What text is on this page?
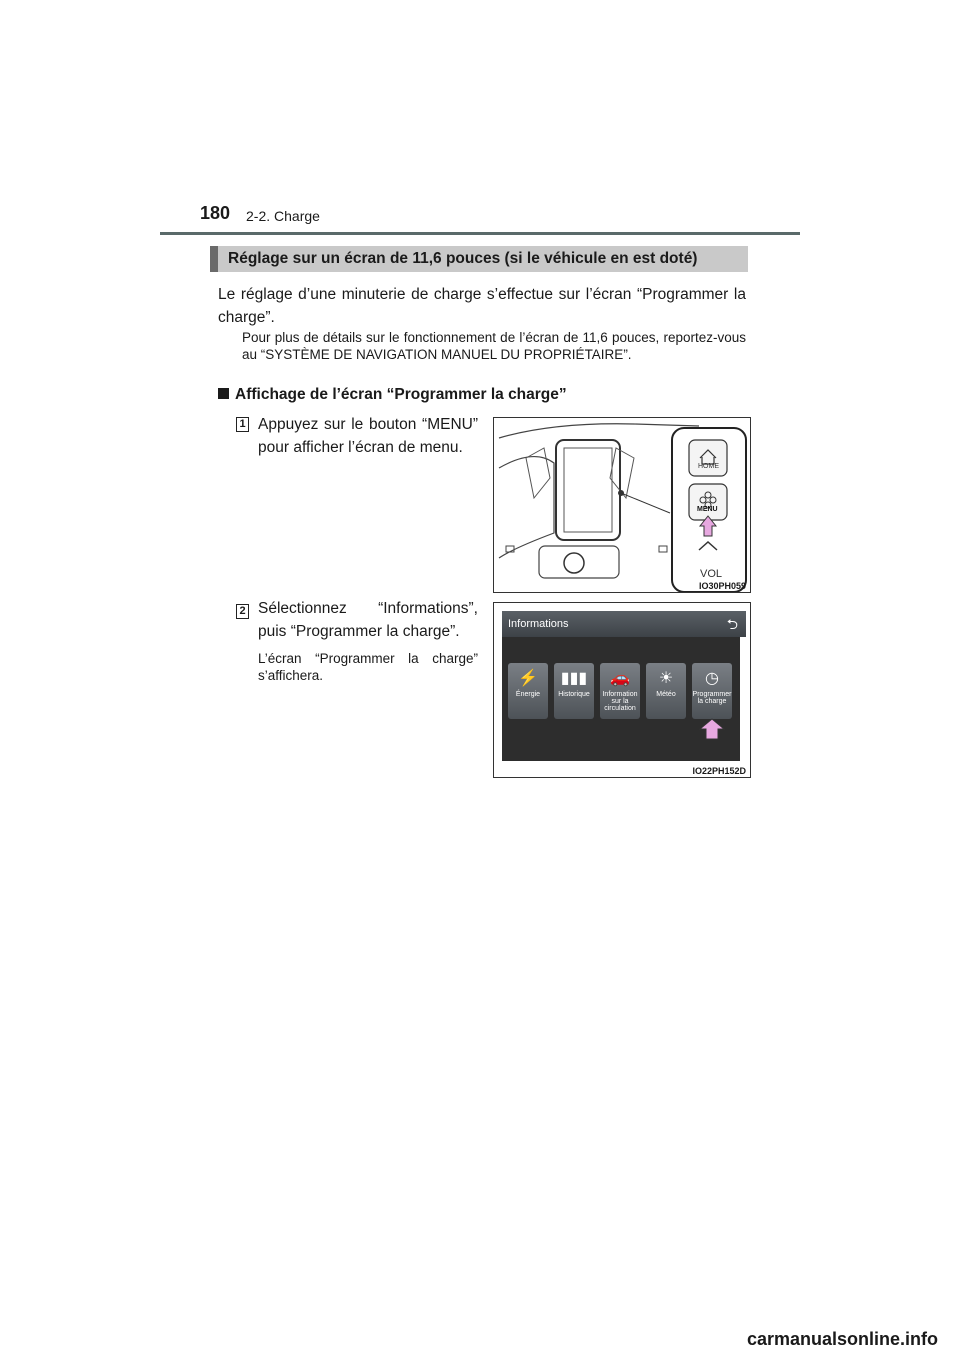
180 2-2. Charge
Réglage sur un écran de 11,6 pouces (si le véhicule en est doté)
Le réglage d’une minuterie de charge s’effectue sur l’écran “Programmer la charge”.
Pour plus de détails sur le fonctionnement de l’écran de 11,6 pouces, reportez-vous au “SYSTÈME DE NAVIGATION MANUEL DU PROPRIÉTAIRE”.
Affichage de l’écran “Programmer la charge”
1 Appuyez sur le bouton “MENU” pour afficher l’écran de menu.
HOME
MENU
VOL
IO30PH059
2 Sélectionnez “Informations”, puis “Programmer la charge”.
L’écran “Programmer la charge” s’affichera.
Informations	⮌
⚡
Énergie
▮▮▮
Historique
🚗
Information sur la circulation
☀
Météo
◷
Programmer la charge
IO22PH152D
carmanualsonline.info
